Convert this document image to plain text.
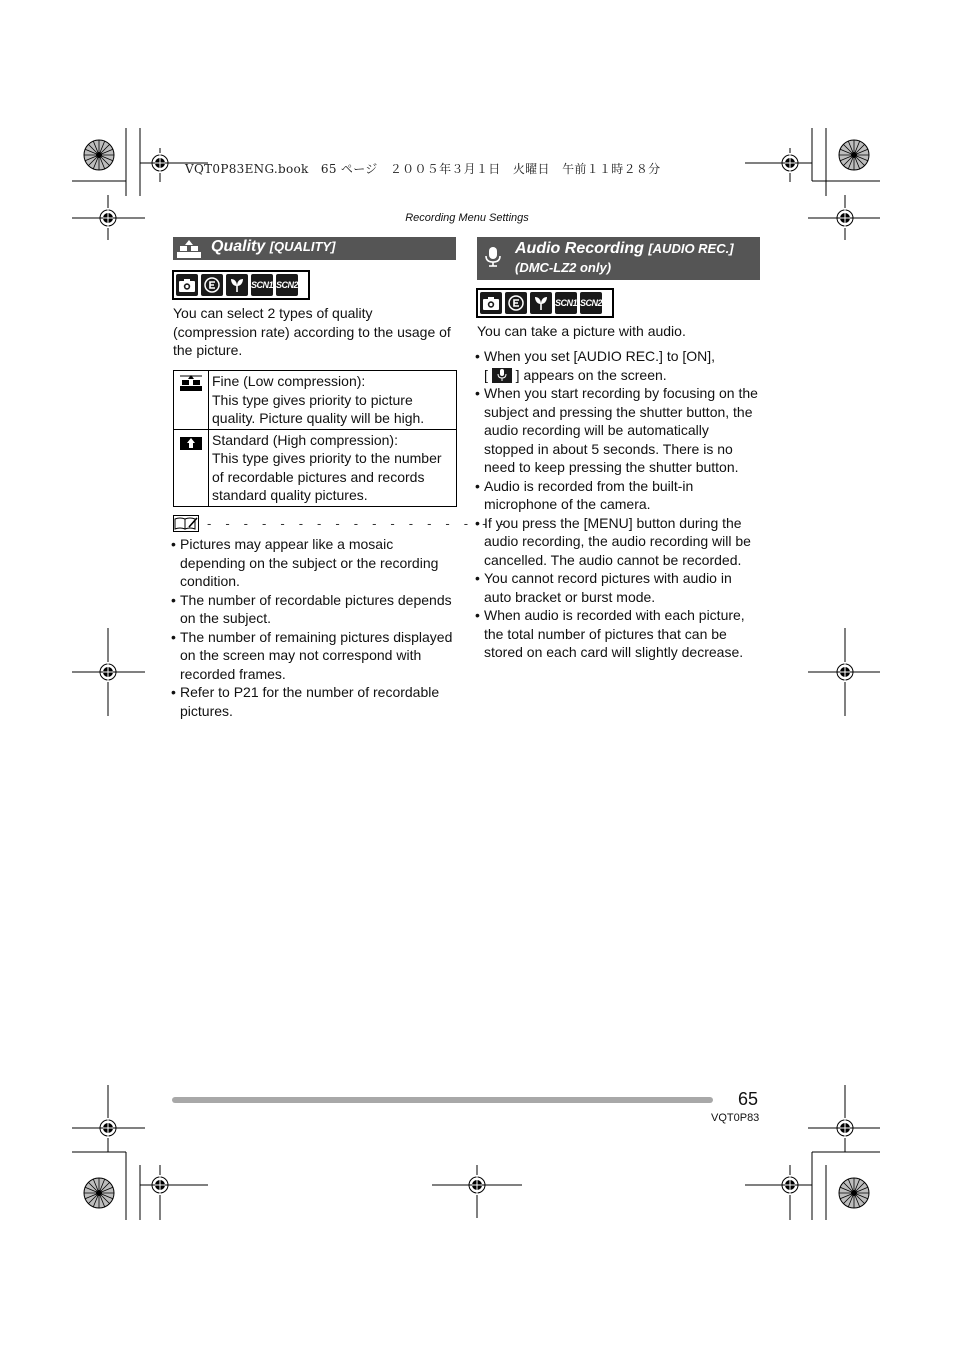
VQT0P83ENG.book　65 ページ　２００５年３月１日　火曜日　午前１１時２８分
Recording Menu Settings
Quality [QUALITY]
SCN1 SCN2
You can select 2 types of quality (compression rate) according to the usage of the picture.

Fine (Low compression):
This type gives priority to picture quality. Picture quality will be high.

Standard (High compression):
This type gives priority to the number of recordable pictures and records standard quality pictures.
- - - - - - - - - - - - - - - - -
• Pictures may appear like a mosaic depending on the subject or the recording condition.
• The number of recordable pictures depends on the subject.
• The number of remaining pictures displayed on the screen may not correspond with recorded frames.
• Refer to P21 for the number of recordable pictures.
Audio Recording [AUDIO REC.]
(DMC-LZ2 only)
SCN1 SCN2
You can take a picture with audio.
• When you set [AUDIO REC.] to [ON],
[ ] appears on the screen.
• When you start recording by focusing on the subject and pressing the shutter button, the audio recording will be automatically stopped in about 5 seconds. There is no need to keep pressing the shutter button.
• Audio is recorded from the built-in microphone of the camera.
• If you press the [MENU] button during the audio recording, the audio recording will be cancelled. The audio cannot be recorded.
• You cannot record pictures with audio in auto bracket or burst mode.
• When audio is recorded with each picture, the total number of pictures that can be stored on each card will slightly decrease.
65
VQT0P83
